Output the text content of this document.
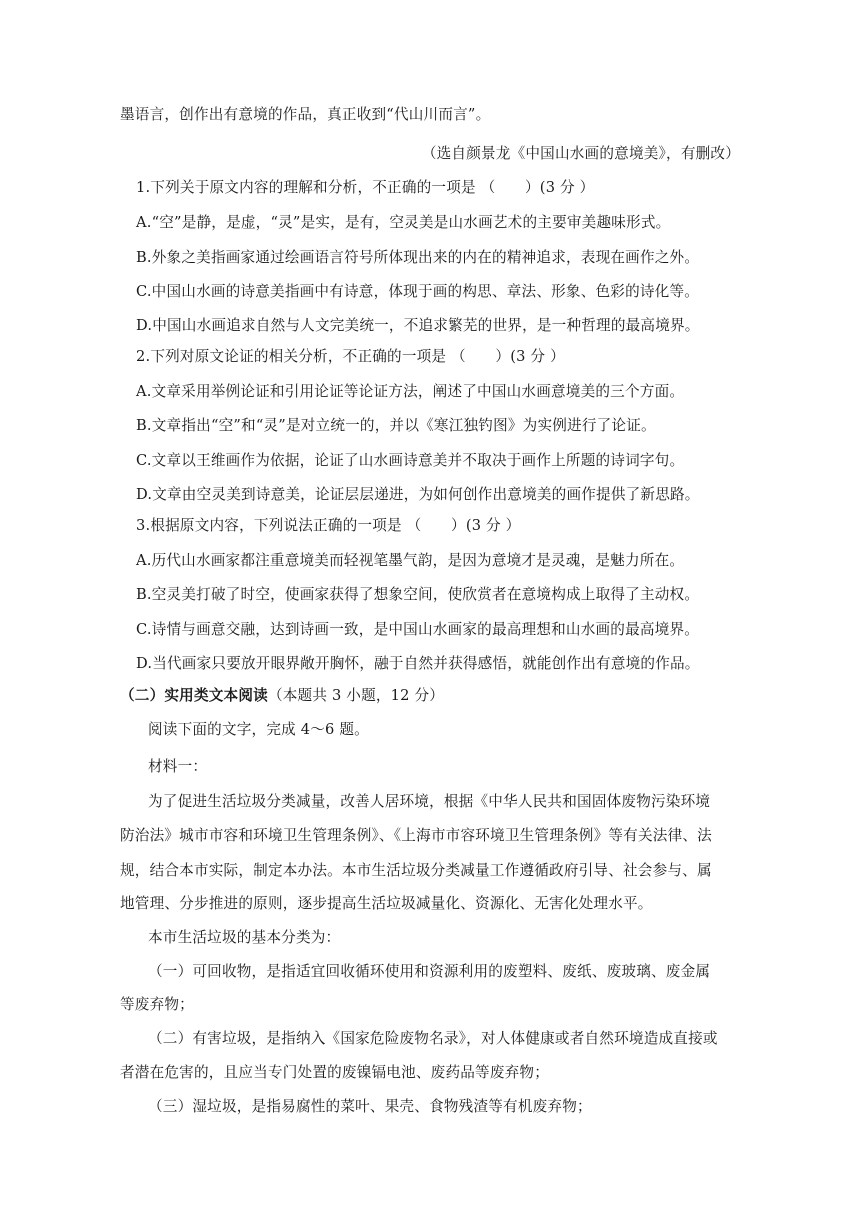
墨语言，创作出有意境的作品，真正收到“代山川而言”。
（选自颜景龙《中国山水画的意境美》，有删改）
1.下列关于原文内容的理解和分析，不正确的一项是 （　　）(3 分 ）
A.“空”是静，是虚，“灵”是实，是有，空灵美是山水画艺术的主要审美趣味形式。
B.外象之美指画家通过绘画语言符号所体现出来的内在的精神追求，表现在画作之外。
C.中国山水画的诗意美指画中有诗意，体现于画的构思、章法、形象、色彩的诗化等。
D.中国山水画追求自然与人文完美统一，不追求繁芜的世界，是一种哲理的最高境界。
2.下列对原文论证的相关分析，不正确的一项是 （　　）(3 分 ）
A.文章采用举例论证和引用论证等论证方法，阐述了中国山水画意境美的三个方面。
B.文章指出“空”和“灵”是对立统一的，并以《寒江独钓图》为实例进行了论证。
C.文章以王维画作为依据，论证了山水画诗意美并不取决于画作上所题的诗词字句。
D.文章由空灵美到诗意美，论证层层递进，为如何创作出意境美的画作提供了新思路。
3.根据原文内容，下列说法正确的一项是 （　　）(3 分 ）
A.历代山水画家都注重意境美而轻视笔墨气韵，是因为意境才是灵魂，是魅力所在。
B.空灵美打破了时空，使画家获得了想象空间，使欣赏者在意境构成上取得了主动权。
C.诗情与画意交融，达到诗画一致，是中国山水画家的最高理想和山水画的最高境界。
D.当代画家只要放开眼界敞开胸怀，融于自然并获得感悟，就能创作出有意境的作品。
（二）实用类文本阅读（本题共 3 小题，12 分）
阅读下面的文字，完成 4～6 题。
材料一：
为了促进生活垃圾分类减量，改善人居环境，根据《中华人民共和国固体废物污染环境
防治法》城市市容和环境卫生管理条例》、《上海市市容环境卫生管理条例》等有关法律、法
规，结合本市实际，制定本办法。本市生活垃圾分类减量工作遵循政府引导、社会参与、属
地管理、分步推进的原则，逐步提高生活垃圾减量化、资源化、无害化处理水平。
本市生活垃圾的基本分类为：
（一）可回收物，是指适宜回收循环使用和资源利用的废塑料、废纸、废玻璃、废金属
等废弃物；
（二）有害垃圾，是指纳入《国家危险废物名录》，对人体健康或者自然环境造成直接或
者潜在危害的，且应当专门处置的废镍镉电池、废药品等废弃物；
（三）湿垃圾，是指易腐性的菜叶、果壳、食物残渣等有机废弃物；
